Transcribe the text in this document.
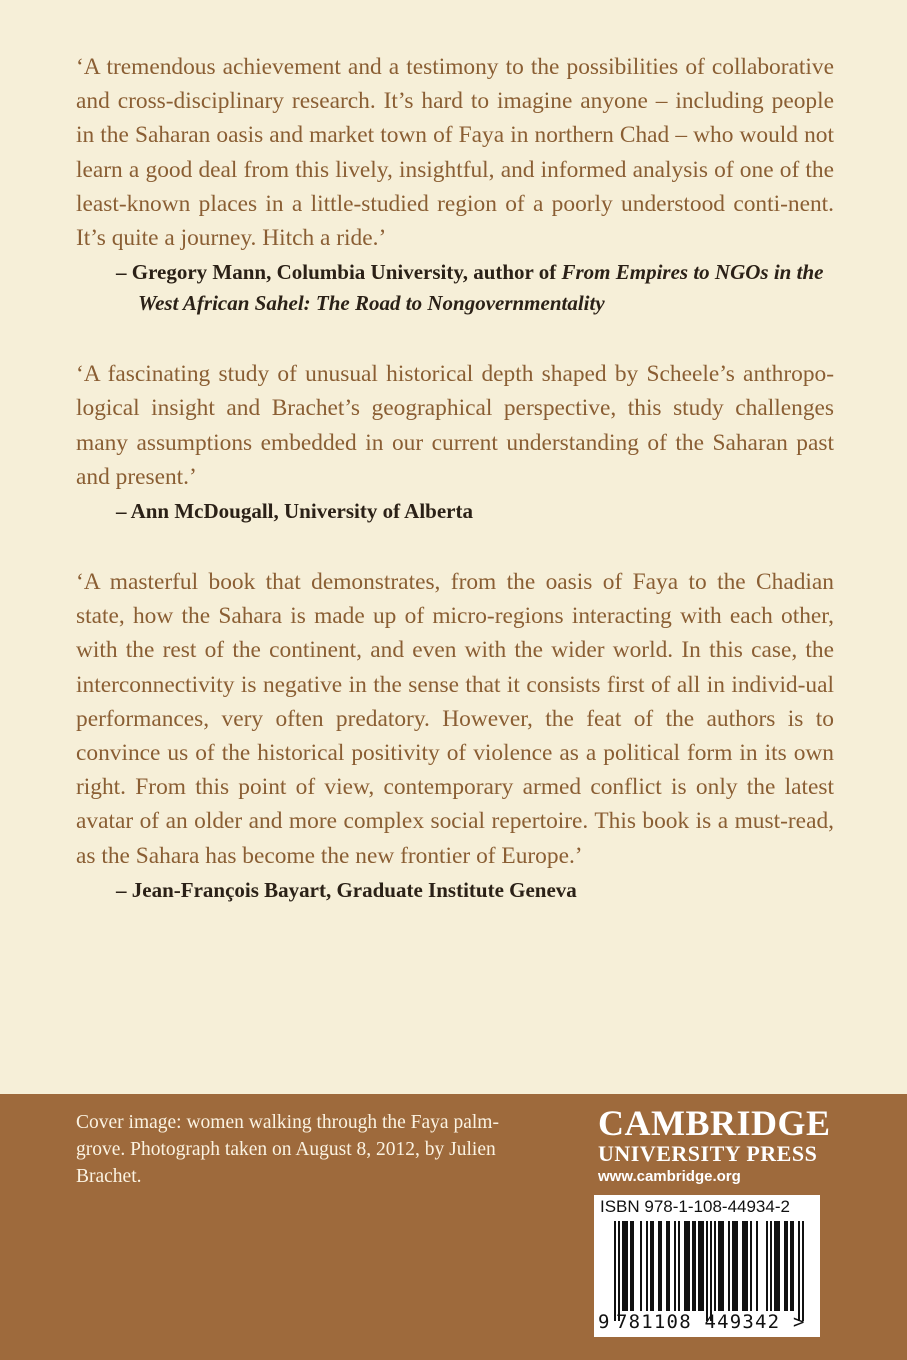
‘A tremendous achievement and a testimony to the possibilities of collaborative and cross-disciplinary research. It’s hard to imagine anyone – including people in the Saharan oasis and market town of Faya in northern Chad – who would not learn a good deal from this lively, insightful, and informed analysis of one of the least-known places in a little-studied region of a poorly understood conti-nent. It’s quite a journey. Hitch a ride.’

– Gregory Mann, Columbia University, author of From Empires to NGOs in the West African Sahel: The Road to Nongovernmentality

‘A fascinating study of unusual historical depth shaped by Scheele’s anthropo-logical insight and Brachet’s geographical perspective, this study challenges many assumptions embedded in our current understanding of the Saharan past and present.’

– Ann McDougall, University of Alberta

‘A masterful book that demonstrates, from the oasis of Faya to the Chadian state, how the Sahara is made up of micro-regions interacting with each other, with the rest of the continent, and even with the wider world. In this case, the interconnectivity is negative in the sense that it consists first of all in individ-ual performances, very often predatory. However, the feat of the authors is to convince us of the historical positivity of violence as a political form in its own right. From this point of view, contemporary armed conflict is only the latest avatar of an older and more complex social repertoire. This book is a must-read, as the Sahara has become the new frontier of Europe.’

– Jean-François Bayart, Graduate Institute Geneva

Cover image: women walking through the Faya palm-grove. Photograph taken on August 8, 2012, by Julien Brachet.
CAMBRIDGE
UNIVERSITY PRESS
www.cambridge.org
ISBN 978-1-108-44934-2
9 781108 449342 >
